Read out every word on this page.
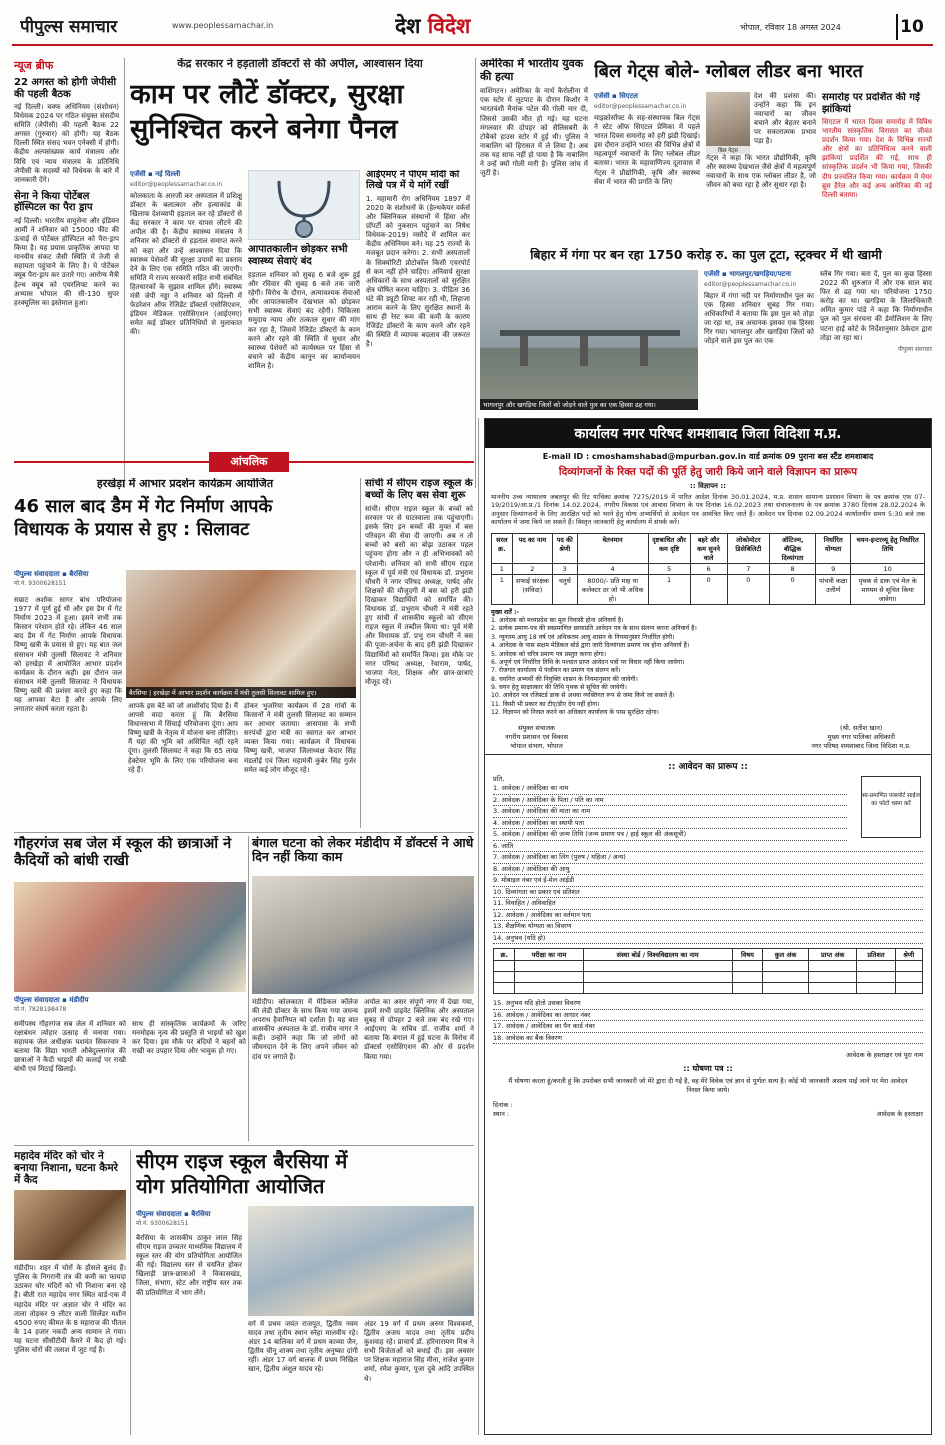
पीपुल्स समाचार	www.peoplessamachar.in	देश विदेश	भोपाल, रविवार 18 अगस्त 2024	10
न्यूज ब्रीफ
22 अगस्त को होगी जेपीसी की पहली बैठक
नई दिल्ली। वक्फ अधिनियम (संशोधन) विधेयक 2024 पर गठित संयुक्त संसदीय समिति (जेपीसी) की पहली बैठक 22 अगस्त (गुरुवार) को होगी। यह बैठक दिल्ली स्थित संसद भवन एनेक्सी में होगी। केंद्रीय अल्पसंख्यक कार्य मंत्रालय और विधि एवं न्याय मंत्रालय के प्रतिनिधि जेपीसी के सदस्यों को विधेयक के बारे में जानकारी देंगे।
सेना ने किया पोर्टेबल हॉस्पिटल का पैरा ड्राप
नई दिल्ली। भारतीय वायुसेना और इंडियन आर्मी ने शनिवार को 15000 फीट की ऊंचाई से पोर्टेबल हॉस्पिटल को पैरा-ड्राप किया है। यह प्रयास प्राकृतिक आपदा या मानवीय संकट जैसी स्थिति में तेजी से सहायता पहुंचाने के लिए है। ये पोर्टेबल क्यूब पैरा-ड्राप कर उतारे गए। आरोग्य मैत्री हेल्थ क्यूब को एयरलिफ्ट करने का अभ्यास भोपाल की सी-130 सुपर हरक्यूलिस का इस्तेमाल हुआ।
केंद्र सरकार ने हड़ताली डॉक्टरों से की अपील, आश्वासन दिया
काम पर लौटें डॉक्टर, सुरक्षा
सुनिश्चित करने बनेगा पैनल
एजेंसी ▪ नई दिल्ली
editor@peoplessamachar.co.in
कोलकाता के आरजी कर अस्पताल में प्रशिक्षु डॉक्टर के बलात्कार और हत्याकांड के खिलाफ देशव्यापी हड़ताल कर रहे डॉक्टरों से केंद्र सरकार ने काम पर वापस लौटने की अपील की है। केंद्रीय स्वास्थ्य मंत्रालय ने शनिवार को डॉक्टरों से हड़ताल समाप्त करने को कहा और उन्हें आश्वासन दिया कि स्वास्थ्य पेशेवरों की सुरक्षा उपायों का प्रस्ताव देने के लिए एक समिति गठित की जाएगी। समिति में राज्य सरकारों सहित सभी संबंधित हितधारकों के सुझाव शामिल होंगे। स्वास्थ्य मंत्री जेपी नड्डा ने शनिवार को दिल्ली में फेडरेशन ऑफ रेजिडेंट डॉक्टर्स एसोसिएशन, इंडियन मेडिकल एसोसिएशन (आईएमए) समेत कई डॉक्टर प्रतिनिधियों से मुलाकात की।
आपातकालीन छोड़कर सभी स्वास्थ्य सेवाएं बंद
हड़ताल शनिवार को सुबह 6 बजे शुरू हुई और रविवार की सुबह 6 बजे तक जारी रहेगी। विरोध के दौरान, अत्यावश्यक सेवाओं और आपातकालीन देखभाल को छोड़कर सभी स्वास्थ्य सेवाएं बंद रहेंगी। चिकित्सा समुदाय न्याय और तत्काल सुधार की मांग कर रहा है, जिसमें रेजिडेंट डॉक्टरों के काम करने और रहने की स्थिति में सुधार और स्वास्थ्य पेशेवरों को कार्यस्थल पर हिंसा से बचाने को केंद्रीय कानून का कार्यान्वयन शामिल है।
आईएमए ने पीएम मोदी को लिखे पत्र में ये मांगें रखीं
1. महामारी रोग अधिनियम 1897 में 2020 के संशोधनों के (हेल्थकेयर वर्कर्स और क्लिनिकल संस्थानों में हिंसा और प्रॉपर्टी को नुकसान पहुंचाने का निषेध विधेयक-2019) मसौदे में शामिल कर केंद्रीय अधिनियम बने। यह 25 राज्यों के मजबूत प्रदान करेगा। 2. सभी अस्पतालों के सिक्योरिटी प्रोटोकॉल किसी एयरपोर्ट से कम नहीं होने चाहिए। अनिवार्य सुरक्षा अधिकारों के साथ अस्पतालों को सुरक्षित क्षेत्र घोषित करना चाहिए। 3. पीड़िता 36 घंटे की ड्यूटी शिफ्ट कर रही थी, लिहाजा आराम करने के लिए सुरक्षित स्थानों के साथ ही रेस्ट रूम की कमी के कारण रेजिडेंट डॉक्टरों के काम करने और रहने की स्थिति में व्यापक बदलाव की जरूरत है।
अमेरिका में भारतीय युवक की हत्या
वाशिंगटन। अमेरिका के नार्थ कैरोलीना में एक स्टोर में लूटपाट के दौरान किशोर ने भारतवंशी मैनांक पटेल की गोली मार दी, जिससे उसकी मौत हो गई। यह घटना मंगलवार की दोपहर को सैलिसबरी के टोबैको हाउस स्टोर में हुई थी। पुलिस ने नाबालिग को हिरासत में ले लिया है। अब तक यह साफ नहीं हो पाया है कि नाबालिग ने उन्हें क्यों गोली मारी है। पुलिस जांच में जुटी है।
बिल गेट्स बोले- ग्लोबल लीडर बना भारत
एजेंसी ▪ सिएटल
editor@peoplessamachar.co.in
माइक्रोसॉफ्ट के सह-संस्थापक बिल गेट्स ने स्टेट ऑफ सिएटल प्रेमिका में पहले भारत दिवस समारोह को हरी झंडी दिखाई। इस दौरान उन्होंने भारत की विभिन्न क्षेत्रों में महत्वपूर्ण नवाचारों के लिए ग्लोबल लीडर बताया। भारत के महावाणिज्य दूतावास में गेट्स ने प्रौद्योगिकी, कृषि और स्वास्थ्य सेवा में भारत की प्रगति के लिए
बिल गेट्स
देश की प्रशंसा की। उन्होंने कहा कि इन नवाचारों का जीवन बचाने और बेहतर बनाने पर सकारात्मक प्रभाव पड़ा है।
गेट्स ने कहा कि भारत प्रौद्योगिकी, कृषि और स्वास्थ्य देखभाल जैसे क्षेत्रों में महत्वपूर्ण नवाचारों के साथ एक ग्लोबल लीडर है, जो जीवन को बचा रहा है और सुधार रहा है।
समारोह पर प्रदर्शित की गईं झांकियां
सिएटल में भारत दिवस समारोह में विविध भारतीय सांस्कृतिक विरासत का जीवंत प्रदर्शन किया गया। देश के विभिन्न राज्यों और क्षेत्रों का प्रतिनिधित्व करने वाली झांकियां प्रदर्शित की गई, साथ ही सांस्कृतिक प्रदर्शन भी किया गया, जिसकी दीप प्रज्वलित किया गया। कार्यक्रम में मेयर ब्रूस हैरेल और कई अन्य अमेरिका की नई दिल्ली बताया।
बिहार में गंगा पर बन रहा 1750 करोड़ रु. का पुल टूटा, स्ट्रक्चर में थी खामी
भागलपुर और खगड़िया जिलों को जोड़ने वाले पुल का एक हिस्सा ढह गया।
एजेंसी ▪ भागलपुर/खगड़िया/पटना
editor@peoplessamachar.co.in
बिहार में गंगा नदी पर निर्माणाधीन पुल का एक हिस्सा शनिवार सुबह गिर गया। अधिकारियों ने बताया कि इस पुल को तोड़ा जा रहा था, तब अचानक इसका एक हिस्सा गिर गया। भागलपुर और खगड़िया जिलों को जोड़ने वाले इस पुल का एक
स्लैब गिर गया। बता दें, पुल का कुछ हिस्सा 2022 की शुरुआत में और एक साल बाद फिर से ढह गया था। परियोजना 1750 करोड़ का था। खगड़िया के जिलाधिकारी अमित कुमार पांडे ने कहा कि निर्माणाधीन पुल को पुल संरचना की डेमोलिशन के लिए पटना हाई कोर्ट के निर्देशानुसार ठेकेदार द्वारा तोड़ा जा रहा था।
पीपुल्स समाचार
आंचलिक
हरखेड़ा में आभार प्रदर्शन कार्यक्रम आयोजित
46 साल बाद डैम में गेट निर्माण आपके
विधायक के प्रयास से हुए : सिलावट
पीपुल्स संवाददाता ▪ बैरसिया
मो.नं. 9300628151
बैरसिया | हरखेड़ा में आभार प्रदर्शन कार्यक्रम में मंत्री तुलसी सिलावट शामिल हुए।
सम्राट अशोक सागर बांध परियोजना 1977 में पूर्ण हुई थी और इस डैम में गेट निर्माण 2023 में हुआ। इसने सभी तक किसान परेशान होते रहे। लेकिन 46 साल बाद डैम में गेट निर्माण आपके विधायक विष्णु खत्री के प्रयास से हुए। यह बात जल संसाधन मंत्री तुलसी सिलावट ने शनिवार को हरखेड़ा में आयोजित आभार प्रदर्शन कार्यक्रम के दौरान कही। इस दौरान जल संसाधन मंत्री तुलसी सिलावट ने विधायक विष्णु खत्री की प्रशंसा करते हुए कहा कि यह आपका बेटा है और आपके लिए लगातार संघर्ष करता रहता है।	आपके इस बेटे को जो आशीर्वाद दिया है। मैं आपसे वादा करता हूं कि बैरसिया विधानसभा में सिंचाई परियोजना दूंगा। आप विष्णु खत्री के नेतृत्व में योजना बना लीजिए। मैं यहां की भूमि को असिंचित नहीं रहने दूंगा। तुलसी सिलावट ने कहा कि 65 लाख हेक्टेयर भूमि के लिए एक परियोजना बना रहे हैं।
होकर भुजरिया कार्यक्रम में 28 गांवों के किसानों ने मंत्री तुलसी सिलावट का सम्मान कर आभार जताया। आसपास के सभी सरपंचों द्वारा मंत्री का स्वागत कर आभार व्यक्त किया गया। कार्यक्रम में विधायक विष्णु खत्री, भाजपा जिलाध्यक्ष केदार सिंह मंडलोई एवं जिला महामंत्री कुबेर सिंह गुर्जर समेत कई लोग मौजूद रहे।
सांची में सीएम राइज स्कूल के बच्चों के लिए बस सेवा शुरू
सांची। सीएम राइज स्कूल के बच्चों को सरकार पर से घाटस्वाला तक पहुंचाएगी। इसके लिए इन बच्चों की मुफ्त में बस परिवहन की सेवा दी जाएगी। अब न तो बच्चों को बसों का बोझ उठाकर पहल पहुंचना होगा और न ही अभिभावकों को परेशानी। शनिवार को सभी सीएम राइज स्कूल में पूर्व मंत्री एवं विधायक डॉ. प्रभुराम चौधरी ने नगर परिषद अध्यक्ष, पार्षद और शिक्षकों की मौजूदगी में बस को हरी झंडी दिखाकर विद्यार्थियों को समर्पित की। विधायक डॉ. प्रभुराम चौधरी ने मंत्री रहते हुए सांची में शासकीय स्कूलों को सीएम राइज स्कूल में तब्दील किया था। पूर्व मंत्री और विधायक डॉ. प्रभु राम चौधरी ने बस की पूजा-अर्चना के बाद हरी झंडी दिखाकर विद्यार्थियों को समर्पित किया। इस मौके पर नगर परिषद अध्यक्ष, रेवाराम, पार्षद, भाजपा नेता, शिक्षक और छात्र-छात्राएं मौजूद रहे।
गौहरगंज सब जेल में स्कूल की छात्राओं ने कैदियों को बांधी राखी
पीपुल्स संवाददाता ▪ मंडीदीप
मो.नं. 7828198478
समीपस्थ गौहरगंज सब जेल में शनिवार को रक्षाबंधन त्योहार उत्साह से मनाया गया। सहायक जेल अधीक्षक यशवंत सिकरवार ने बताया कि विद्या भारती औबेदुल्लागंज की छात्राओं ने कैदी भाइयों की कलाई पर राखी बांधी एवं मिठाई खिलाई।
साथ ही सांस्कृतिक कार्यक्रमों के जरिए मनमोहक नृत्य की प्रस्तुति से भाइयों को खुश कर दिया। इस मौके पर बंदियों ने बहनों को राखी का उपहार दिया और भावुक हो गए।
बंगाल घटना को लेकर मंडीदीप में डॉक्टर्स ने आधे दिन नहीं किया काम
मंडीदीप। कोलकाता में मेडिकल कॉलेज की लेडी डॉक्टर के साथ किया गया जघन्य अपराध हैवानियत को दर्शाता है। यह बात शासकीय अस्पताल के डॉ. राजीव नागर ने कही। उन्होंने कहा कि जो लोगों को जीवनदान देने के लिए अपने जीवन को दांव पर लगाते हैं।
अपोल का असर संपूर्ण नगर में देखा गया, इसमें सभी प्राइवेट क्लिनिक और अस्पताल सुबह से दोपहर 2 बजे तक बंद रखे गए। आईएमए के सचिव डॉ. राजीव शर्मा ने बताया कि बंगाल में हुई घटना के विरोध में डॉक्टर्स एसोसिएशन की ओर से प्रदर्शन किया गया।
महादेव मंदिर को चोर ने बनाया निशाना, घटना कैमरे में कैद
मंडीदीप। शहर में चोरों के हौसले बुलंद हैं। पुलिस के निगरानी तंत्र की कमी का फायदा उठाकर चोर मंदिरों को भी निशाना बना रहे हैं। बीती रात महादेव नगर स्थित वार्ड-एक में महादेव मंदिर पर अज्ञात चोर ने मंदिर का ताला तोड़कर 9 लीटर वाली सिलेंडर मशीन 4500 रुपए कीमत के 8 महाराज की पीतल के 14 हजार नकदी अन्य सामान ले गया। यह घटना सीसीटीवी कैमरे में कैद हो गई। पुलिस चोरों की तलाश में जुट गई है।
सीएम राइज स्कूल बैरसिया में
योग प्रतियोगिता आयोजित
पीपुल्स संवाददाता ▪ बैरसिया
मो.नं. 9300628151
बैरसिया के शासकीय ठाकुर लाल सिंह सीएम राइज उच्चतर माध्यमिक विद्यालय में स्कूल स्तर की योग प्रतियोगिता आयोजित की गई। विद्यालय स्तर से चयनित होकर खिलाड़ी छात्र-छात्राओं ने विकासखंड, जिला, संभाग, स्टेट और राष्ट्रीय स्तर तक की प्रतियोगिता में भाग लेंगे।
वर्ग में प्रथम जयंत राजपूत, द्वितीय नवम यादव तथा तृतीय स्थान स्नेहा मालवीय रहे। अंडर 14 बालिका वर्ग में प्रथम काव्या जैन, द्वितीय चीनू शाक्य तथा तृतीय अनुष्का दांगी रहीं। अंडर 17 वर्ग बालक में प्रथम निखिल खान, द्वितीय अंशुल यादव रहे।
अंडर 19 वर्ग में प्रथम अरुण विश्वकर्मा, द्वितीय अजय यादव तथा तृतीय प्रदीप कुशवाह रहे। प्राचार्य डॉ. हरिनारायण मिश्र ने सभी विजेताओं को बधाई दी। इस अवसर पर शिक्षक महाराज सिंह मीना, राजेश कुमार शर्मा, रमेश कुमार, पूजा दुबे आदि उपस्थित थे।
कार्यालय नगर परिषद शमशाबाद जिला विदिशा म.प्र.
E-mail ID : cmoshamshabad@mpurban.gov.in वार्ड क्रमांक 09 पुराना बस स्टैंड शमशाबाद
दिव्यांगजनों के रिक्त पदों की पूर्ति हेतु जारी किये जाने वाले विज्ञापन का प्रारूप
:: विज्ञापन ::
माननीय उच्च न्यायालय जबलपुर की रिट याचिका क्रमांक 7275/2019 में पारित आदेश दिनांक 30.01.2024, म.प्र. शासन सामान्य प्रशासन विभाग के पत्र क्रमांक एफ 07-19/2019/आ.प्र./1 दिनांक 14.02.2024, नगरीय विकास एवं आवास विभाग के पत्र दिनांक 16.02.2023 तथा संचालनालय के पत्र क्रमांक 3780 दिनांक 28.02.2024 के अनुसार दिव्यांगजनों के लिए आरक्षित पदों को भरने हेतु योग्य अभ्यर्थियों से आवेदन पत्र आमंत्रित किए जाते हैं। आवेदन पत्र दिनांक 02.09.2024 कार्यालयीन समय 5:30 बजे तक कार्यालय में जमा किये जा सकते हैं। विस्तृत जानकारी हेतु कार्यालय में संपर्क करें।
सरल क्र.	पद का नाम	पद की श्रेणी	वेतनमान	दृष्टबाधित और कम दृष्टि	बहरे और कम सुनने वाले	लोकोमोटर डिसेबिलिटी	ऑटिज्म, बौद्धिक दिव्यांगता	निर्धारित योग्यता	चयन-इन्टरव्यू हेतु निर्धारित तिथि
1	2	3	4	5	6	7	8	9	10
1	सफाई संरक्षक (संविदा)	चतुर्थ	8000/- प्रति माह या कलेक्टर दर जो भी अधिक हो।	1	0	0	0	पांचवी कक्षा उत्तीर्ण	पृथक से डाक एवं मेल के माध्यम से सूचित किया जावेगा।
मुख्य शर्तें :-
1. आवेदक को मध्यप्रदेश का मूल निवासी होना अनिवार्य है।
2. प्रत्येक प्रमाण-पत्र की स्वप्रमाणित छायाप्रति आवेदन पत्र के साथ संलग्न करना अनिवार्य है।
3. न्यूनतम आयु 18 वर्ष एवं अधिकतम आयु शासन के नियमानुसार निर्धारित होगी।
4. आवेदक के पास सक्षम मेडिकल बोर्ड द्वारा जारी दिव्यांगता प्रमाण पत्र होना अनिवार्य है।
5. आवेदक को चरित्र प्रमाण पत्र प्रस्तुत करना होगा।
6. अपूर्ण एवं निर्धारित तिथि के पश्चात प्राप्त आवेदन पत्रों पर विचार नहीं किया जावेगा।
7. रोजगार कार्यालय में पंजीयन का प्रमाण पत्र संलग्न करें।
8. चयनित अभ्यर्थी की नियुक्ति शासन के नियमानुसार की जावेगी।
9. चयन हेतु साक्षात्कार की तिथि पृथक से सूचित की जावेगी।
10. आवेदन पत्र रजिस्टर्ड डाक से अथवा व्यक्तिगत रूप से जमा किये जा सकते हैं।
11. किसी भी प्रकार का टीए/डीए देय नहीं होगा।
12. विज्ञापन को निरस्त करने का अधिकार कार्यालय के पास सुरक्षित रहेगा।
संयुक्त संचालक
नगरीय प्रशासन एवं विकास
भोपाल संभाग, भोपाल
(श्री. सतीश खान)
मुख्य नगर पालिका अधिकारी
नगर परिषद शमशाबाद जिला विदिशा म.प्र.
:: आवेदन का प्रारूप ::
प्रति,
स्व-प्रमाणित पासपोर्ट साईज का फोटो चस्पा करें
1. आवेदक / आवेदिका का नाम
2. आवेदक / आवेदिका के पिता / पति का नाम
3. आवेदक / आवेदिका की माता का नाम
4. आवेदक / आवेदिका का स्थायी पता
5. आवेदक / आवेदिका की जन्म तिथि (जन्म प्रमाण पत्र / हाई स्कूल की अंकसूची)
6. जाति
7. आवेदक / आवेदिका का लिंग (पुरुष / महिला / अन्य)
8. आवेदक / आवेदिका की आयु
9. मोबाइल नंबर एवं ई-मेल आईडी
10. दिव्यांगता का प्रकार एवं प्रतिशत
11. विवाहित / अविवाहित
12. आवेदक / आवेदिका का वर्तमान पता
13. शैक्षणिक योग्यता का विवरण
14. अनुभव (यदि हो)
क्र.	परीक्षा का नाम	संस्था बोर्ड / विश्वविद्यालय का नाम	विषय	कुल अंक	प्राप्त अंक	प्रतिशत	श्रेणी

15. अनुभव यदि होतो उसका विवरण
16. आवेदक / आवेदिका का आधार नंबर
17. आवेदक / आवेदिका का पैन कार्ड नंबर
18. आवेदक का बैंक विवरण
आवेदक के हस्ताक्षर एवं पूरा नाम
:: घोषणा पत्र ::
मैं घोषणा करता हूं/करती हूं कि उपरोक्त सभी जानकारी जो मेरे द्वारा दी गई है, वह मेरे विवेक एवं ज्ञान से पूर्णतः सत्य है। कोई भी जानकारी असत्य पाई जाने पर मेरा आवेदन निरस्त किया जाये।
दिनांक :
स्थान :	आवेदक के हस्ताक्षर
